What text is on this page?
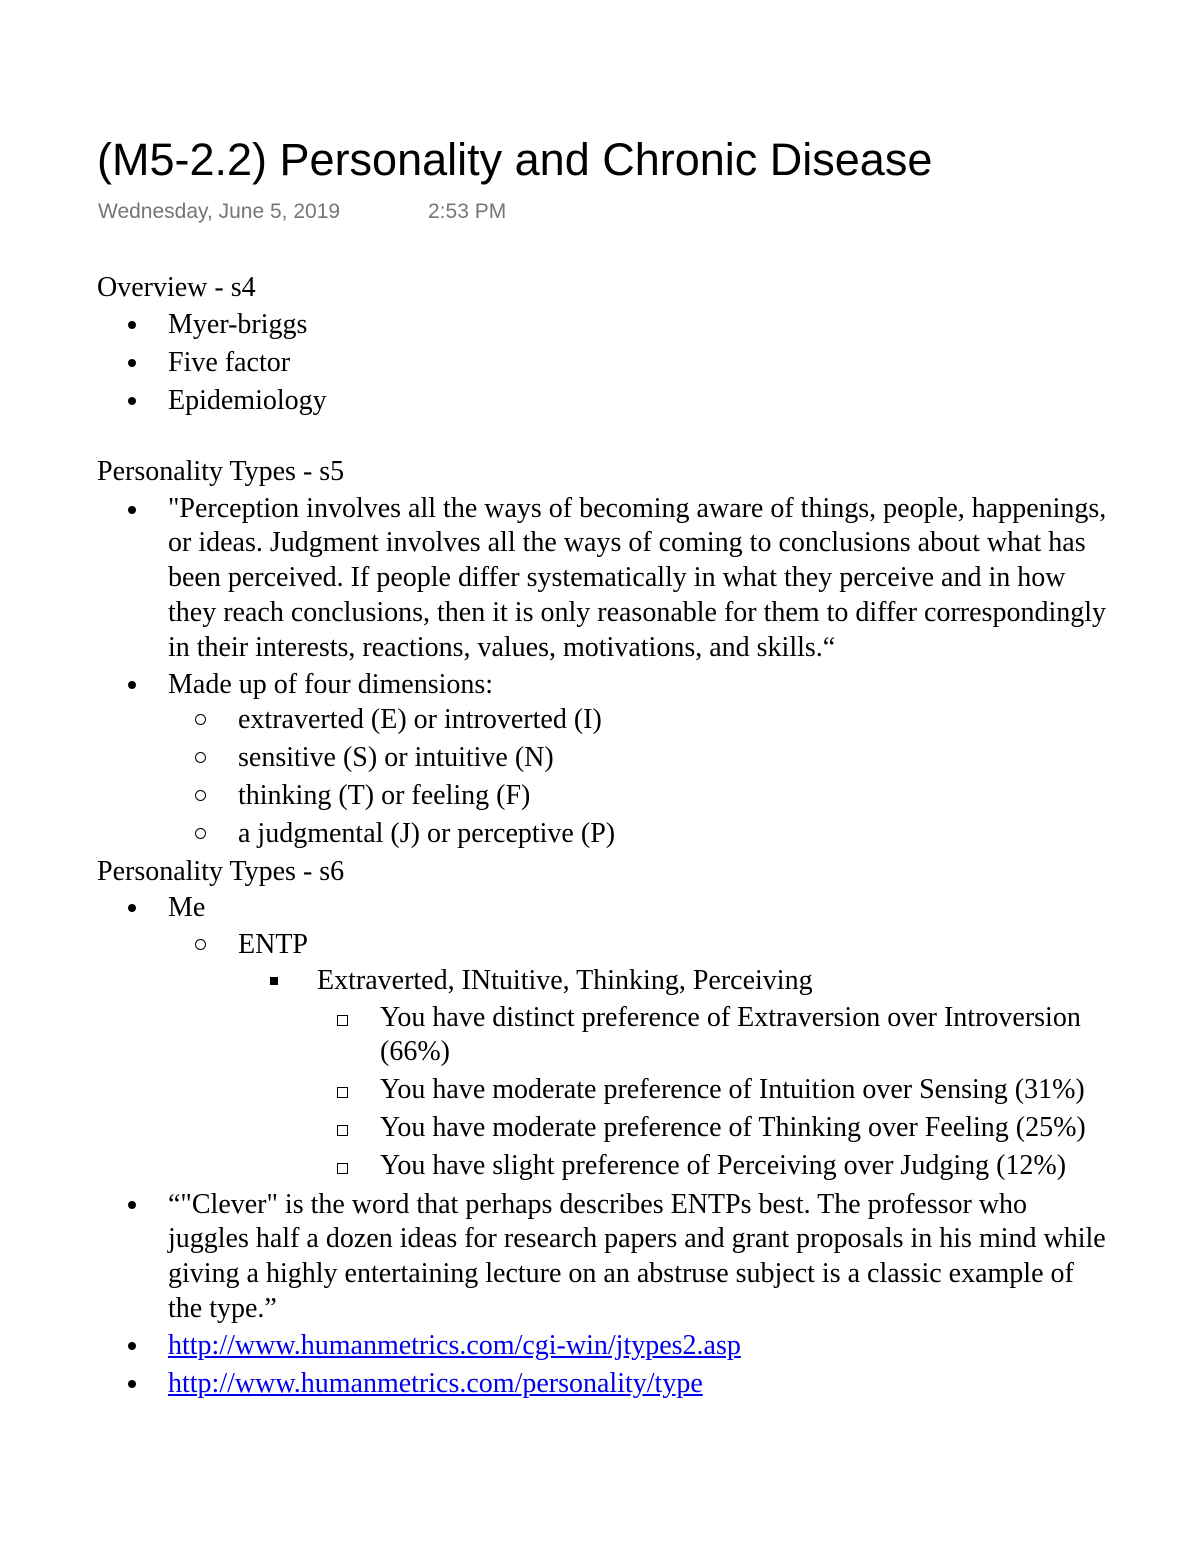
(M5-2.2) Personality and Chronic Disease
Wednesday, June 5, 2019	2:53 PM
Overview - s4
Myer-briggs
Five factor
Epidemiology
Personality Types - s5
"Perception involves all the ways of becoming aware of things, people, happenings,
or ideas. Judgment involves all the ways of coming to conclusions about what has
been perceived. If people differ systematically in what they perceive and in how
they reach conclusions, then it is only reasonable for them to differ correspondingly
in their interests, reactions, values, motivations, and skills.“
Made up of four dimensions:
extraverted (E) or introverted (I)
sensitive (S) or intuitive (N)
thinking (T) or feeling (F)
a judgmental (J) or perceptive (P)
Personality Types - s6
Me
ENTP
Extraverted, INtuitive, Thinking, Perceiving
You have distinct preference of Extraversion over Introversion
(66%)
You have moderate preference of Intuition over Sensing (31%)
You have moderate preference of Thinking over Feeling (25%)
You have slight preference of Perceiving over Judging (12%)
“"Clever" is the word that perhaps describes ENTPs best. The professor who
juggles half a dozen ideas for research papers and grant proposals in his mind while
giving a highly entertaining lecture on an abstruse subject is a classic example of
the type.”
http://www.humanmetrics.com/cgi-win/jtypes2.asp
http://www.humanmetrics.com/personality/type
